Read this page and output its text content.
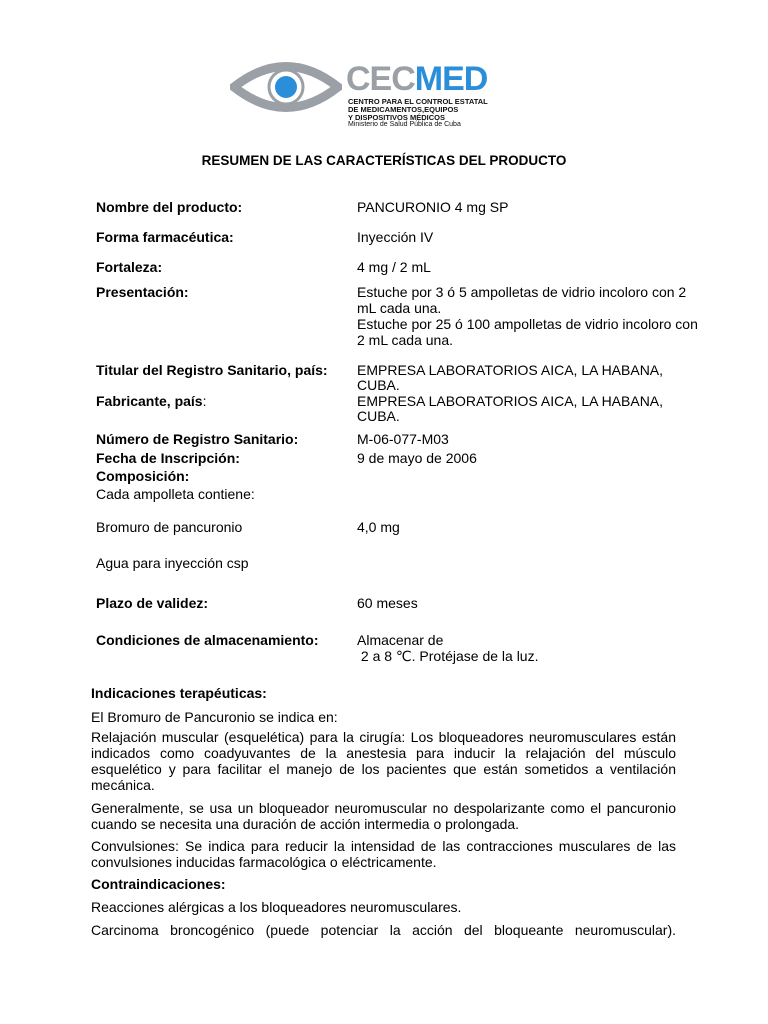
CECMED
CENTRO PARA EL CONTROL ESTATAL
DE MEDICAMENTOS,EQUIPOS
Y DISPOSITIVOS MÉDICOS
Ministerio de Salud Pública de Cuba
RESUMEN DE LAS CARACTERÍSTICAS DEL PRODUCTO
Nombre del producto:	PANCURONIO 4 mg SP
Forma farmacéutica:	Inyección IV
Fortaleza:	4 mg / 2 mL
Presentación:	Estuche por 3 ó 5 ampolletas de vidrio incoloro con 2
mL cada una.
Estuche por 25 ó 100 ampolletas de vidrio incoloro con
2 mL cada una.
Titular del Registro Sanitario, país: EMPRESA LABORATORIOS AICA, LA HABANA,
CUBA.
Fabricante, país:	EMPRESA LABORATORIOS AICA, LA HABANA,
CUBA.
Número de Registro Sanitario:	M-06-077-M03
Fecha de Inscripción:	9 de mayo de 2006
Composición:
Cada ampolleta contiene:
Bromuro de pancuronio	4,0 mg
Agua para inyección csp
Plazo de validez:	60 meses
Condiciones de almacenamiento:	Almacenar de
2 a 8 ℃. Protéjase de la luz.
Indicaciones terapéuticas:
El Bromuro de Pancuronio se indica en:
Relajación muscular (esquelética) para la cirugía: Los bloqueadores neuromusculares están indicados como coadyuvantes de la anestesia para inducir la relajación del músculo esquelético y para facilitar el manejo de los pacientes que están sometidos a ventilación mecánica.
Generalmente, se usa un bloqueador neuromuscular no despolarizante como el pancuronio cuando se necesita una duración de acción intermedia o prolongada.
Convulsiones: Se indica para reducir la intensidad de las contracciones musculares de las convulsiones inducidas farmacológica o eléctricamente.
Contraindicaciones:
Reacciones alérgicas a los bloqueadores neuromusculares.
Carcinoma broncogénico (puede potenciar la acción del bloqueante neuromuscular).
